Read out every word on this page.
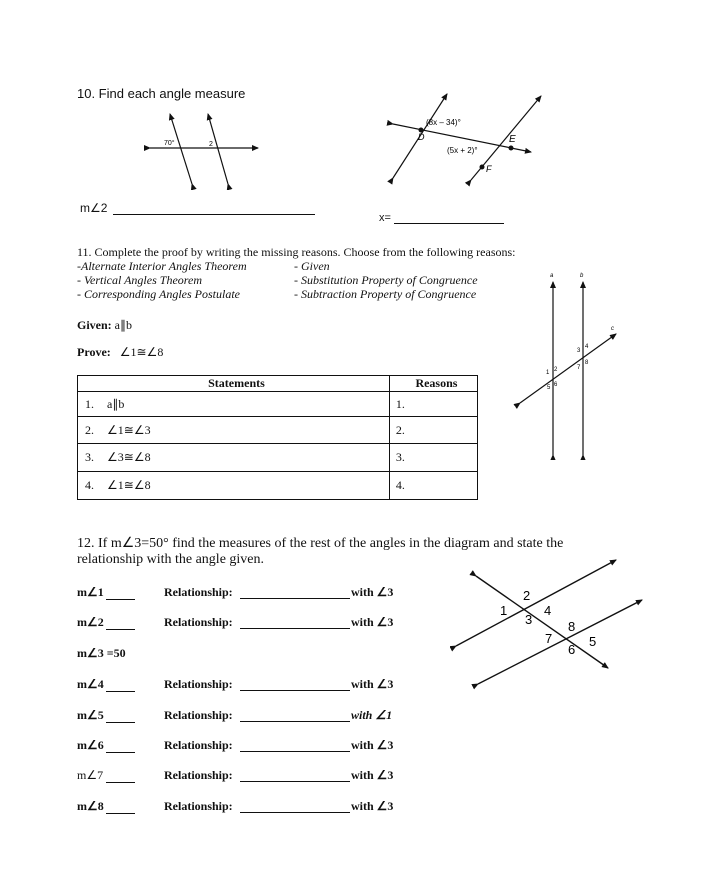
10. Find each angle measure
70°	2
(8x – 34)°
(5x + 2)°
D	E
F
m∠2
x=
11. Complete the proof by writing the missing reasons. Choose from the following reasons:
-Alternate Interior Angles Theorem
- Vertical Angles Theorem
- Corresponding Angles Postulate
- Given
- Substitution Property of Congruence
- Subtraction Property of Congruence
Given: a∥b
Prove: ∠1≅∠8
Statements		Reasons
1.	a∥b	1.
2.	∠1≅∠3	2.
3.	∠3≅∠8	3.
4.	∠1≅∠8	4.
a	b
c
1 2
3
4
5 6
7
8
12. If m∠3=50° find the measures of the rest of the angles in the diagram and state the
relationship with the angle given.
m∠1	Relationship:	with ∠3
m∠2	Relationship:	with ∠3
m∠3 =50
m∠4	Relationship:	with ∠3
m∠5	Relationship:	with ∠1
m∠6	Relationship:	with ∠3
m∠7	Relationship:	with ∠3
m∠8	Relationship:	with ∠3
1
2
3
4
5
6
7
8
